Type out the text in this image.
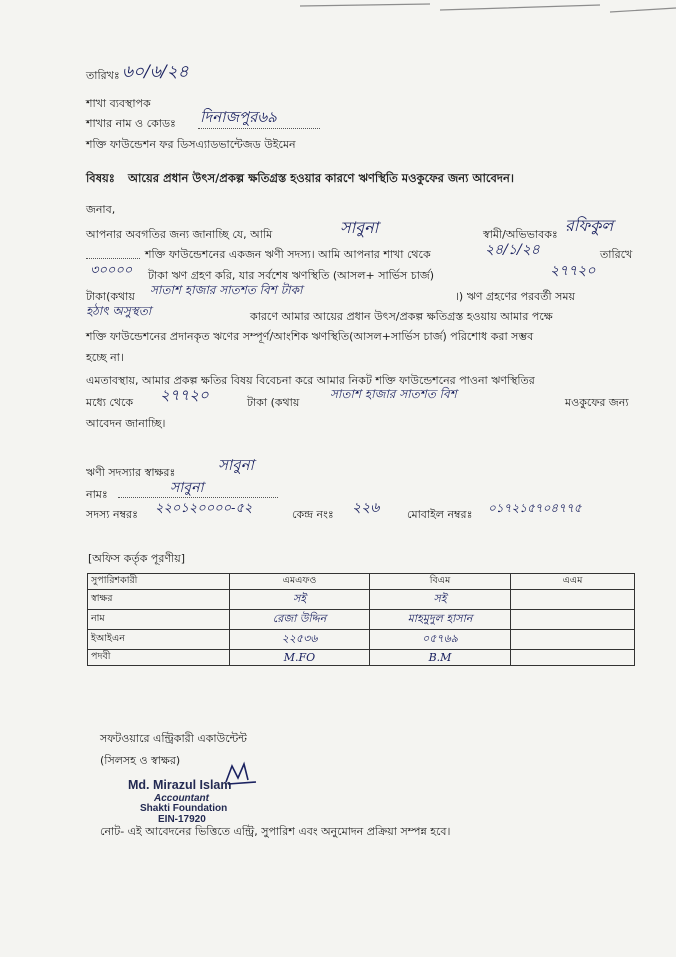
তারিখঃ ৬০/৬/২৪
শাখা ব্যবস্থাপক
শাখার নাম ও কোডঃ দিনাজপুর৬৯
শক্তি ফাউন্ডেশন ফর ডিসএ্যাডভান্টেজড উইমেন
বিষয়ঃ আয়ের প্রধান উৎস/প্রকল্প ক্ষতিগ্রস্ত হওয়ার কারণে ঋণস্থিতি মওকুফের জন্য আবেদন।
জনাব,
আপনার অবগতির জন্য জানাচ্ছি যে, আমি	সাবুনা	স্বামী/অভিভাবকঃ রফিকুল
শক্তি ফাউন্ডেশনের একজন ঋণী সদস্য। আমি আপনার শাখা থেকে	২৪/১/২৪	তারিখে
৩০০০০ টাকা ঋণ গ্রহণ করি, যার সর্বশেষ ঋণস্থিতি (আসল+ সার্ভিস চার্জ)	২৭৭২০
টাকা(কথায় সাতাশ হাজার সাতশত বিশ টাকা	।) ঋণ গ্রহণের পরবর্তী সময়
হঠাৎ অসুস্থতা	কারণে আমার আয়ের প্রধান উৎস/প্রকল্প ক্ষতিগ্রস্ত হওয়ায় আমার পক্ষে
শক্তি ফাউন্ডেশনের প্রদানকৃত ঋণের সম্পূর্ণ/আংশিক ঋণস্থিতি(আসল+সার্ভিস চার্জ) পরিশোধ করা সম্ভব
হচ্ছে না।
এমতাবস্থায়, আমার প্রকল্প ক্ষতির বিষয় বিবেচনা করে আমার নিকট শক্তি ফাউন্ডেশনের পাওনা ঋণস্থিতির
মধ্যে থেকে ২৭৭২০	টাকা (কথায়
সাতাশ হাজার সাতশত বিশ
মওকুফের জন্য
আবেদন জানাচ্ছি।
ঋণী সদস্যার স্বাক্ষরঃ	সাবুনা
নামঃ	সাবুনা
সদস্য নম্বরঃ ২২০১২০০০০-৫২	কেন্দ্র নংঃ ২২৬	মোবাইল নম্বরঃ ০১৭২১৫৭০৪৭৭৫
[অফিস কর্তৃক পূরণীয়]
সুপারিশকারী	এমএফও	বিএম	এএম
স্বাক্ষর	সই	সই	
নাম	রেজা উদ্দিন	মাহমুদুল হাসান	
ইআইএন	২২৫৩৬	০৫৭৬৯	
পদবী	M.FO	B.M	
সফটওয়ারে এন্ট্রিকারী একাউন্টেন্ট
(সিলসহ ও স্বাক্ষর)
Md. Mirazul Islam
Accountant
Shakti Foundation
EIN-17920
নোট- এই আবেদনের ভিত্তিতে এন্ট্রি, সুপারিশ এবং অনুমোদন প্রক্রিয়া সম্পন্ন হবে।
